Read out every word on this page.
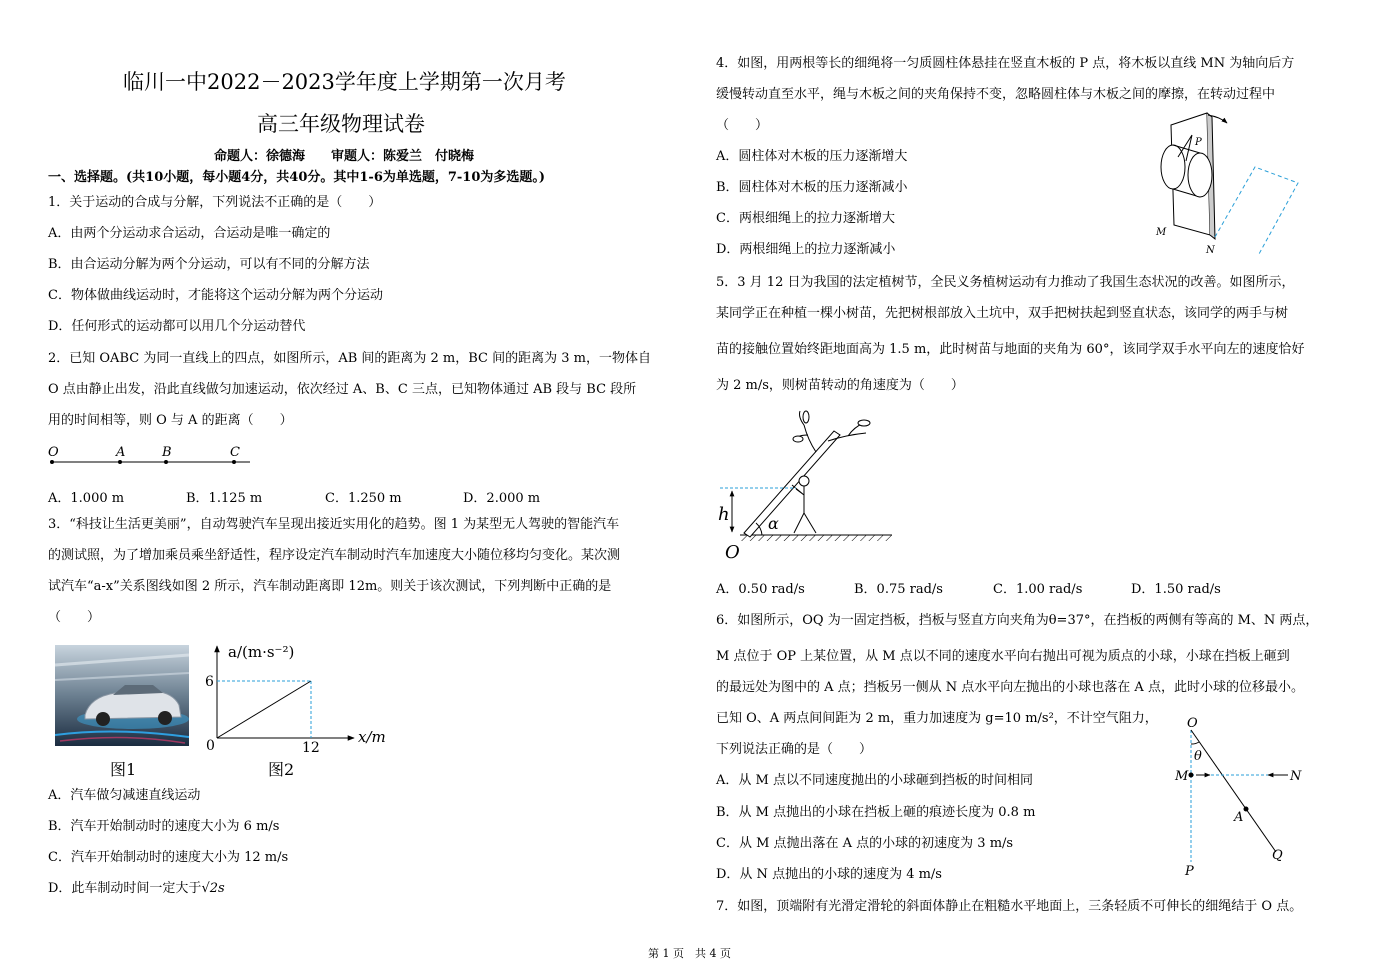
临川一中2022－2023学年度上学期第一次月考
高三年级物理试卷
命题人：徐德海　　审题人：陈爱兰　付晓梅
一、选择题。(共10小题，每小题4分，共40分。其中1-6为单选题，7-10为多选题。)
1．关于运动的合成与分解，下列说法不正确的是（　　）
A．由两个分运动求合运动，合运动是唯一确定的
B．由合运动分解为两个分运动，可以有不同的分解方法
C．物体做曲线运动时，才能将这个运动分解为两个分运动
D．任何形式的运动都可以用几个分运动替代
2．已知 OABC 为同一直线上的四点，如图所示，AB 间的距离为 2 m，BC 间的距离为 3 m，一物体自
O 点由静止出发，沿此直线做匀加速运动，依次经过 A、B、C 三点，已知物体通过 AB 段与 BC 段所
用的时间相等，则 O 与 A 的距离（　　）
O	A	B	C
A．1.000 m	B．1.125 m	C．1.250 m	D．2.000 m
3．“科技让生活更美丽”，自动驾驶汽车呈现出接近实用化的趋势。图 1 为某型无人驾驶的智能汽车
的测试照，为了增加乘员乘坐舒适性，程序设定汽车制动时汽车加速度大小随位移均匀变化。某次测
试汽车“a-x”关系图线如图 2 所示，汽车制动距离即 12m。则关于该次测试，下列判断中正确的是
（　　）
图1
a/(m·s⁻²)
x/m
0
6
12
图2
A．汽车做匀减速直线运动
B．汽车开始制动时的速度大小为 6 m/s
C．汽车开始制动时的速度大小为 12 m/s
D．此车制动时间一定大于√2s
4．如图，用两根等长的细绳将一匀质圆柱体悬挂在竖直木板的 P 点，将木板以直线 MN 为轴向后方
缓慢转动直至水平，绳与木板之间的夹角保持不变，忽略圆柱体与木板之间的摩擦，在转动过程中
（　　）
A．圆柱体对木板的压力逐渐增大
B．圆柱体对木板的压力逐渐减小
C．两根细绳上的拉力逐渐增大
D．两根细绳上的拉力逐渐减小
P
M
N
5．3 月 12 日为我国的法定植树节，全民义务植树运动有力推动了我国生态状况的改善。如图所示，
某同学正在种植一棵小树苗，先把树根部放入土坑中，双手把树扶起到竖直状态，该同学的两手与树
苗的接触位置始终距地面高为 1.5 m，此时树苗与地面的夹角为 60°，该同学双手水平向左的速度恰好
为 2 m/s，则树苗转动的角速度为（　　）
h α
O
A．0.50 rad/s	B．0.75 rad/s	C．1.00 rad/s	D．1.50 rad/s
6．如图所示，OQ 为一固定挡板，挡板与竖直方向夹角为θ=37°，在挡板的两侧有等高的 M、N 两点，
M 点位于 OP 上某位置，从 M 点以不同的速度水平向右抛出可视为质点的小球，小球在挡板上砸到
的最远处为图中的 A 点；挡板另一侧从 N 点水平向左抛出的小球也落在 A 点，此时小球的位移最小。
已知 O、A 两点间间距为 2 m，重力加速度为 g=10 m/s²，不计空气阻力，
下列说法正确的是（　　）
A．从 M 点以不同速度抛出的小球砸到挡板的时间相同
B．从 M 点抛出的小球在挡板上砸的痕迹长度为 0.8 m
C．从 M 点抛出落在 A 点的小球的初速度为 3 m/s
D．从 N 点抛出的小球的速度为 4 m/s
O
θ
M	N
A
P
Q
7．如图，顶端附有光滑定滑轮的斜面体静止在粗糙水平地面上，三条轻质不可伸长的细绳结于 O 点。
第 1 页　共 4 页
